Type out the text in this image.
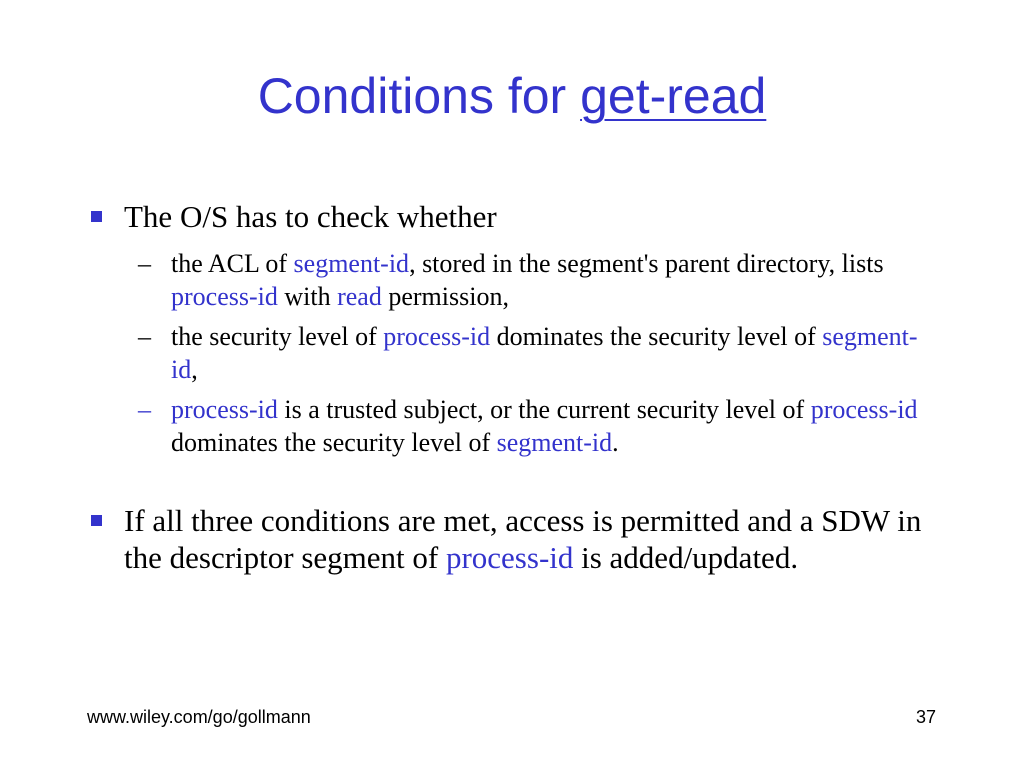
Conditions for get-read
The O/S has to check whether
– the ACL of segment-id, stored in the segment's parent directory, lists process-id with read permission,
– the security level of process-id dominates the security level of segment-id,
– process-id is a trusted subject, or the current security level of process-id dominates the security level of segment-id.
If all three conditions are met, access is permitted and a SDW in the descriptor segment of process-id is added/updated.
www.wiley.com/go/gollmann	37
